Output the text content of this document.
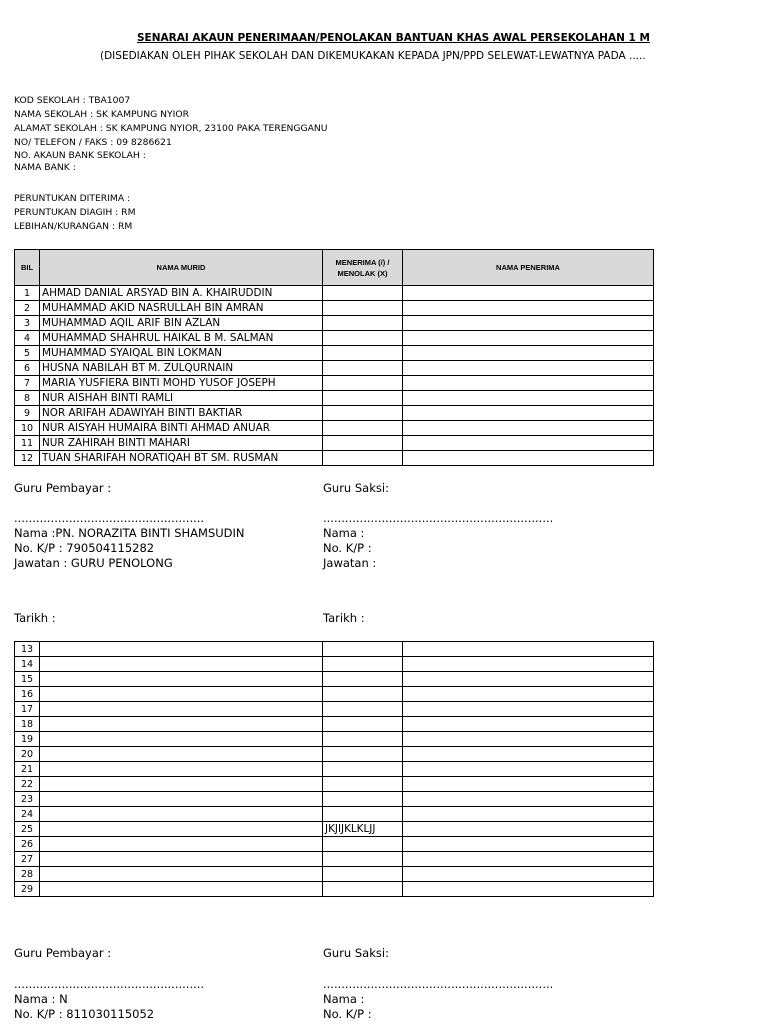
SENARAI AKAUN PENERIMAAN/PENOLAKAN BANTUAN KHAS AWAL PERSEKOLAHAN 1 M
(DISEDIAKAN OLEH PIHAK SEKOLAH DAN DIKEMUKAKAN KEPADA JPN/PPD SELEWAT-LEWATNYA PADA .....
KOD SEKOLAH : TBA1007
NAMA SEKOLAH : SK KAMPUNG NYIOR
ALAMAT SEKOLAH : SK KAMPUNG NYIOR, 23100 PAKA TERENGGANU
NO/ TELEFON / FAKS : 09 8286621
NO. AKAUN BANK SEKOLAH :
NAMA BANK :
PERUNTUKAN DITERIMA :
PERUNTUKAN DIAGIH : RM
LEBIHAN/KURANGAN : RM
BIL	NAMA MURID	MENERIMA (/) /
MENOLAK (X)	NAMA PENERIMA
1	AHMAD DANIAL ARSYAD BIN A. KHAIRUDDIN		
2	MUHAMMAD AKID NASRULLAH BIN AMRAN		
3	MUHAMMAD AQIL ARIF BIN AZLAN		
4	MUHAMMAD SHAHRUL HAIKAL B M. SALMAN		
5	MUHAMMAD SYAIQAL BIN LOKMAN		
6	HUSNA NABILAH BT M. ZULQURNAIN		
7	MARIA YUSFIERA BINTI MOHD YUSOF JOSEPH		
8	NUR AISHAH BINTI RAMLI		
9	NOR ARIFAH ADAWIYAH BINTI BAKTIAR		
10	NUR AISYAH HUMAIRA BINTI AHMAD ANUAR		
11	NUR ZAHIRAH BINTI MAHARI		
12	TUAN SHARIFAH NORATIQAH BT SM. RUSMAN		
Guru Pembayar :
....................................................
Nama :PN. NORAZITA BINTI SHAMSUDIN
No. K/P : 790504115282
Jawatan : GURU PENOLONG
Tarikh :
Guru Saksi:
...............................................................
Nama :
No. K/P :
Jawatan :
Tarikh :
13			
14			
15			
16			
17			
18			
19			
20			
21			
22			
23			
24			
25		JKJIJKLKLJJ	
26			
27			
28			
29			
Guru Pembayar :
....................................................
Nama : N
No. K/P : 811030115052
Guru Saksi:
...............................................................
Nama :
No. K/P :
